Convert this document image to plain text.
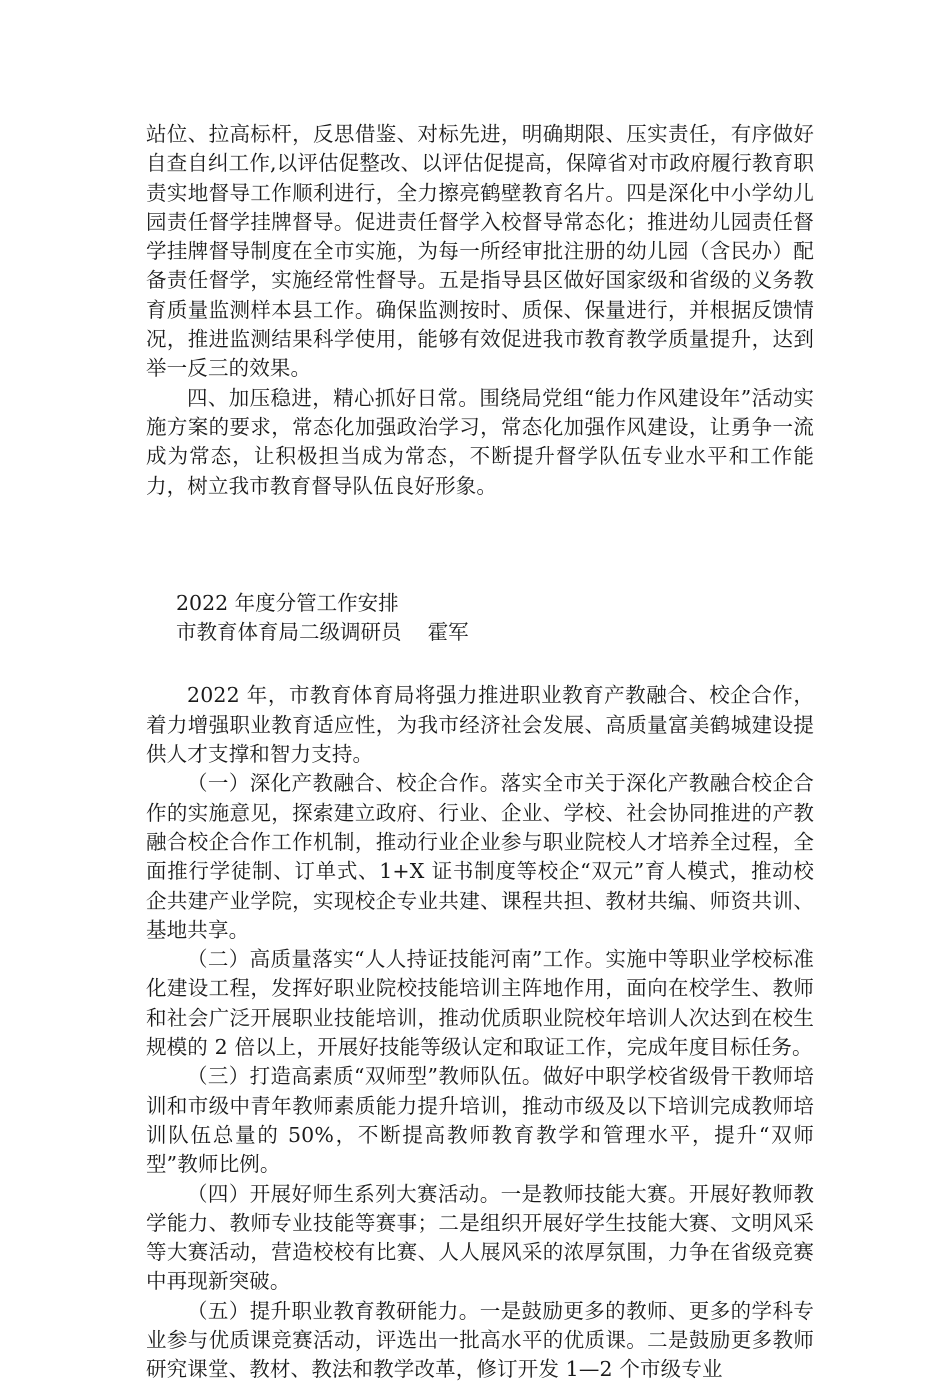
站位、拉高标杆，反思借鉴、对标先进，明确期限、压实责任，有序做好自查自纠工作,以评估促整改、以评估促提高，保障省对市政府履行教育职责实地督导工作顺利进行，全力擦亮鹤壁教育名片。四是深化中小学幼儿园责任督学挂牌督导。促进责任督学入校督导常态化；推进幼儿园责任督学挂牌督导制度在全市实施，为每一所经审批注册的幼儿园（含民办）配备责任督学，实施经常性督导。五是指导县区做好国家级和省级的义务教育质量监测样本县工作。确保监测按时、质保、保量进行，并根据反馈情况，推进监测结果科学使用，能够有效促进我市教育教学质量提升，达到举一反三的效果。

四、加压稳进，精心抓好日常。围绕局党组“能力作风建设年”活动实施方案的要求，常态化加强政治学习，常态化加强作风建设，让勇争一流成为常态，让积极担当成为常态，不断提升督学队伍专业水平和工作能力，树立我市教育督导队伍良好形象。

2022 年度分管工作安排

市教育体育局二级调研员    霍军

2022 年，市教育体育局将强力推进职业教育产教融合、校企合作，着力增强职业教育适应性，为我市经济社会发展、高质量富美鹤城建设提供人才支撑和智力支持。

（一）深化产教融合、校企合作。落实全市关于深化产教融合校企合作的实施意见，探索建立政府、行业、企业、学校、社会协同推进的产教融合校企合作工作机制，推动行业企业参与职业院校人才培养全过程，全面推行学徒制、订单式、1+X 证书制度等校企“双元”育人模式，推动校企共建产业学院，实现校企专业共建、课程共担、教材共编、师资共训、基地共享。

（二）高质量落实“人人持证技能河南”工作。实施中等职业学校标准化建设工程，发挥好职业院校技能培训主阵地作用，面向在校学生、教师和社会广泛开展职业技能培训，推动优质职业院校年培训人次达到在校生规模的 2 倍以上，开展好技能等级认定和取证工作，完成年度目标任务。

（三）打造高素质“双师型”教师队伍。做好中职学校省级骨干教师培训和市级中青年教师素质能力提升培训，推动市级及以下培训完成教师培训队伍总量的 50%，不断提高教师教育教学和管理水平，提升“双师型”教师比例。

（四）开展好师生系列大赛活动。一是教师技能大赛。开展好教师教学能力、教师专业技能等赛事；二是组织开展好学生技能大赛、文明风采等大赛活动，营造校校有比赛、人人展风采的浓厚氛围，力争在省级竞赛中再现新突破。

（五）提升职业教育教研能力。一是鼓励更多的教师、更多的学科专业参与优质课竞赛活动，评选出一批高水平的优质课。二是鼓励更多教师研究课堂、教材、教法和教学改革，修订开发 1—2 个市级专业
